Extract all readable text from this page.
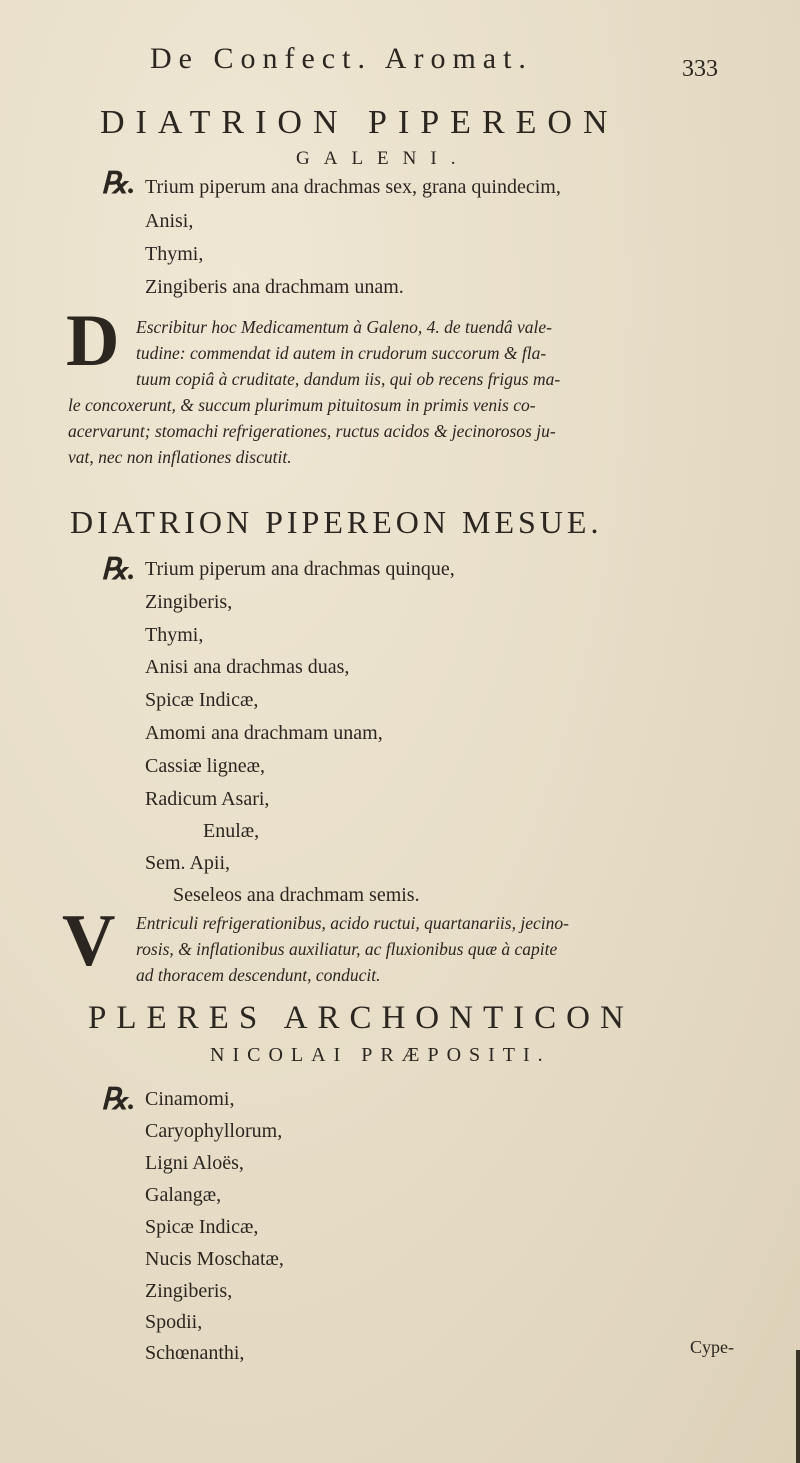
De Confect. Aromat.	333
DIATRION PIPEREON
GALENI.
℞. Trium piperum ana drachmas sex, grana quindecim,
Anisi,
Thymi,
Zingiberis ana drachmam unam.
D Escribitur hoc Medicamentum à Galeno, 4. de tuendâ vale-
tudine: commendat id autem in crudorum succorum & fla-
tuum copiâ à cruditate, dandum iis, qui ob recens frigus ma-
le concoxerunt, & succum plurimum pituitosum in primis venis co-
acervarunt; stomachi refrigerationes, ructus acidos & jecinorosos ju-
vat, nec non inflationes discutit.
DIATRION PIPEREON MESUE.
℞. Trium piperum ana drachmas quinque,
Zingiberis,
Thymi,
Anisi ana drachmas duas,
Spicæ Indicæ,
Amomi ana drachmam unam,
Cassiæ ligneæ,
Radicum Asari,
Enulæ,
Sem. Apii,
Seseleos ana drachmam semis.
V Entriculi refrigerationibus, acido ructui, quartanariis, jecino-
rosis, & inflationibus auxiliatur, ac fluxionibus quæ à capite
ad thoracem descendunt, conducit.
PLERES ARCHONTICON
NICOLAI PRÆPOSITI.
℞. Cinamomi,
Caryophyllorum,
Ligni Aloës,
Galangæ,
Spicæ Indicæ,
Nucis Moschatæ,
Zingiberis,
Spodii,
Schœnanthi,	Cype-
